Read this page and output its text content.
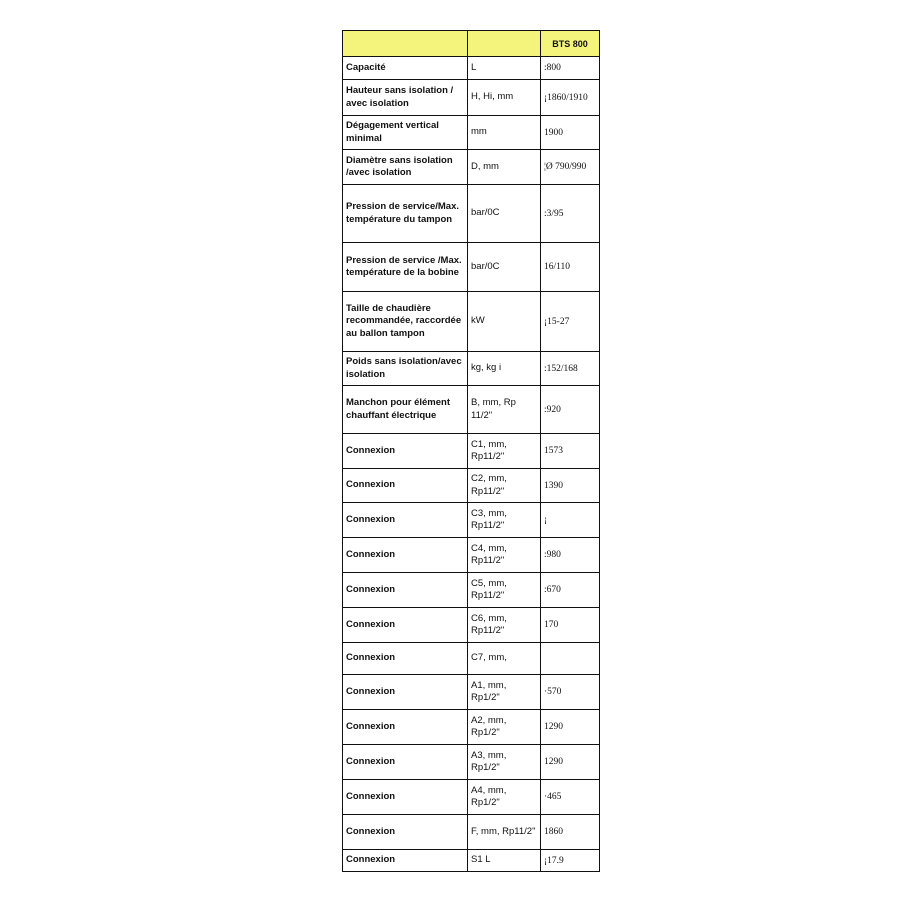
		BTS 800
Capacité	L	:800
Hauteur sans isolation / avec isolation	H, Hi, mm	¡1860/1910
Dégagement vertical minimal	mm	1900
Diamètre sans isolation /avec isolation	D, mm	¦Ø 790/990
Pression de service/Max. température du tampon	bar/0C	:3/95
Pression de service /Max. température de la bobine	bar/0C	16/110
Taille de chaudière recommandée, raccordée au ballon tampon	kW	¡15-27
Poids sans isolation/avec isolation	kg, kg i	:152/168
Manchon pour élément chauffant électrique	B, mm, Rp 11/2"	:920
Connexion	C1, mm, Rp11/2"	1573
Connexion	C2, mm, Rp11/2"	1390
Connexion	C3, mm, Rp11/2"	¡
Connexion	C4, mm, Rp11/2"	:980
Connexion	C5, mm, Rp11/2"	:670
Connexion	C6, mm, Rp11/2"	170
Connexion	C7, mm,	
Connexion	A1, mm, Rp1/2"	·570
Connexion	A2, mm, Rp1/2"	1290
Connexion	A3, mm, Rp1/2"	1290
Connexion	A4, mm, Rp1/2"	·465
Connexion	F, mm, Rp11/2"	1860
Connexion	S1 L	¡17.9
